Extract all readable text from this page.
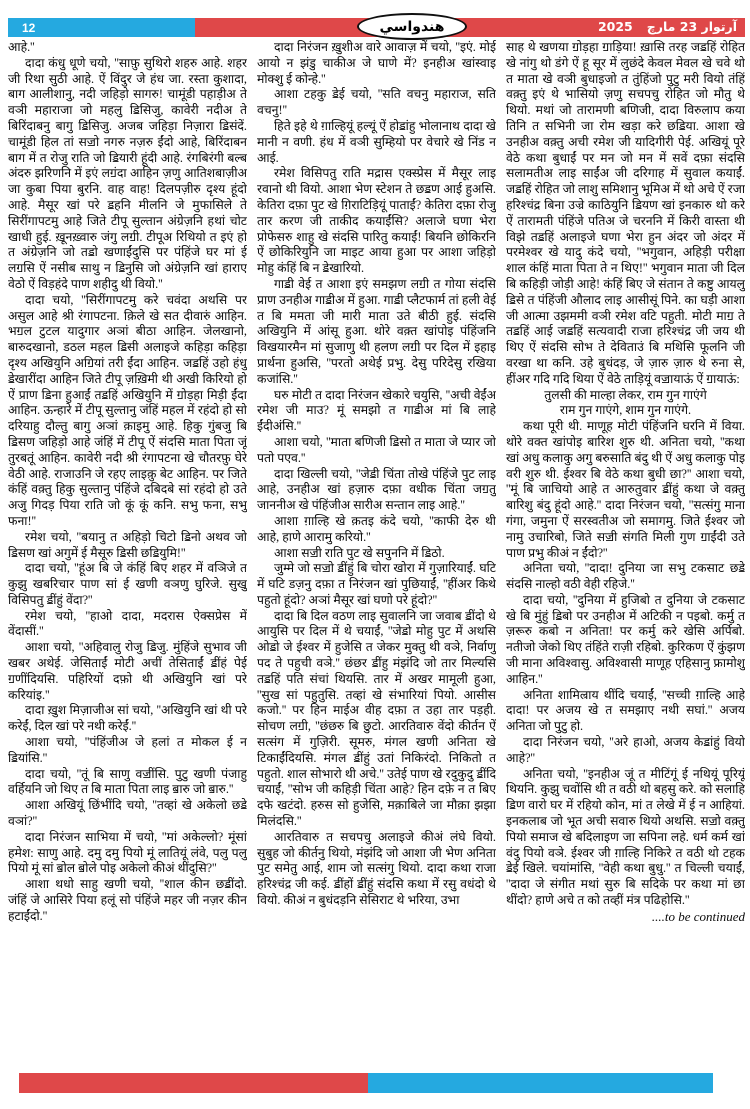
12	2025 آرتوار 23 مارچ
هندواسي

आहे.''

दादा कंधु धूणे चयो, ''साफ़ु सुथिरो शहरु आहे. शहर जी रिथा सुठी आहे. ऐं विंदुर जे हंध जा. रस्ता कुशादा, बाग आलीशानु, नदी जहिड़ो सागरु! चामूंडी पहाड़ीअ ते वञी महाराजा जो महलु ॾिसिजु, कावेरी नदीअ ते बिरिंदाबनु बागु ॾिसिजु. अजब जहिड़ा निज़ारा ॾिसंदें. चामूंडी हिल तां सॼो नगरु नज़रु ईंदो आहे, बिरिंदाबन बाग में त रोजु राति जो ॾियारी हूंदी आहे. रंगबिरंगी बल्ब अंदरु झरिणनि में इएं लॻंदा आहिन ज़णु आतिशबाज़ीअ जा कुबा पिया बुरनि. वाह वाह! दिलपज़ीरु दृश्य हूंदो आहे. मैसूर खां परे ॾहनि मीलनि जे मुफासिले ते सिरींगापटमु आहे जिते टीपू सुल्तान अंग्रेज़नि हथां चोट खाधी हुई. ख़ूनख़्वारु जंगु लॻी. टीपूअ रिथियो त इएं हो त अंग्रेज़नि जो तॾो खणाईंदुसि पर पंहिंजे घर मां ई लॻसि ऐं नसीब साथु न ॾिनुसि जो अंग्रेज़नि खां हाराए वेठो ऐं विड़हंदे पाण शहीदु थी वियो.''

दादा चयो, ''सिरींगापटमु करे चवंदा अथसि पर असुल आहे श्री रंगापटना. क़िले खे सत दीवारुं आहिन. भॻल टुटल यादुगार अञां बीठा आहिन. जेलखानो, बारुदखानो, डठल महल ॾिसी अलाइजे कहिड़ा कहिड़ा दृश्य अखियुनि अॻियां तरी ईंदा आहिन. जॾहिं उहो हंधु ॾेखारींदा आहिन जिते टीपू ज़ख़िमी थी अखी किरियो हो ऐं प्राण ॾिना हुआईं तॾहिं अखियुनि में ॻोड़हा मिड़ी ईंदा आहिन. ऊन्हारे में टीपू सुल्तानु जंहिं महल में रहंदो हो सो दरियाहु दौल्तु बागु अञां क़ाइमु आहे. हिकु गुंबजु बि ॾिसण जहिड़ो आहे जंहिं में टीपू ऐं संदसि माता पिता जूं तुरबतूं आहिन. कावेरी नदी श्री रंगापटना खे चौतरफ़ु घेरे वेठी आहे. राजाउनि जे रहए लाइक़ु बेट आहिन. पर जिते कंहिं वक़्तु हिकु सुल्तानु पंहिंजे दबिदबे सां रहंदो हो उते अजु गिदड़ पिया राति जो कूं कूं कनि. सभु फना, सभु फना!''

रमेश चयो, ''बयानु त अहिड़ो चिटो ॾिनो अथव जो ॾिसण खां अगुमें ई मैसूरु ॾिसी छॾियुमि!''

दादा चयो, ''हूंअ बि जे कंहिं बिए शहर में वञिजे त कुझु खबरिचार पाण सां ई खणी वञणु घुरिजे. सुखु विसिपतु ॾींहुं वेंदा?''

रमेश चयो, ''हाओ दादा, मदरास ऐक्सप्रेस में वेंदासीं.''

आशा चयो, ''अहिवालु रोजु ॾिजु. मुंहिंजे सुभाव जी खबर अथेई. जेसिताईं मोटी अचीं तेसिताईं ॾींहं पेई ॻणींदियसि. पहिरियों दफ़ो थी अखियुनि खां परे करियांइ.''

दादा ख़ुश मिज़ाजीअ सां चयो, ''अखियुनि खां थी परे करेईं, दिल खां परे नथी करेईं.''

आशा चयो, ''पंहिंजीअ जे हलां त मोकल ई न ॾियांसि.''

दादा चयो, ''तूं बि साणु वॼींसि. पुटु खणी पंजाहु वर्हियनि जो थिए त बि माता पिता लाइ ॿारु जो ॿारु.''

आशा अखियूं छिंभींदि चयो, ''तव्हां खे अकेलो छॾे वञां?''

दादा निरंजन साभिया में चयो, ''मां अकेल्लो? मूंसां हमेश: साणु आहे. दमु दमु पियो मूं लातियूं लंवे, पलु पलु पियो मूं सां ॿोल ॿोले पोइ अकेलो कीअं थींदुसि?''

आशा थधो साहु खणी चयो, ''शाल कीन छॾींदो. जंहिं जे आसिरे पिया हलूं सो पंहिंजे महर जी नज़र कीन हटाईंदो.''

दादा निरंजन ख़ुशीअ वारे आवाज़ में चयो, ''इएं. मोई आयो न झंडु चाकीअ जे घाणे में? इनहीअ खांस्वाइ मोक्शु ई कोन्हे.''

आशा टहकु ॾेई चयो, ''सति वचनु महाराज, सति वचनु!''

हिते इहे थे ग़ाल्हियूं हल्यूं ऐं होॾांहु भोलानाथ दादा खे मानी न वणी. हंध में वञी सुम्हियो पर वेचारे खे निंड न आई.

रमेश विसिपतु राति मद्रास एक्स्प्रेस में मैसूर लाइ रवानो थी वियो. आशा भेण स्टेशन ते छॾण आई हुअसि. केतिरा दफ़ा पुट खे ग़िराटिड़ियूं पाताईं? केतिरा दफ़ा रोजु तार करण जी ताकीद कयाईंसि? अलाजे घणा भेरा प्रोफेसरु शाहु खे संदसि पारितु कयाईं! बियनि छोकिरनि ऐं छोकिरियुनि जा माइट आया हुआ पर आशा जहिड़ो मोहु कंहिं बि न ॾेखारियो.

गाॾी वेई त आशा इएं समझण लॻी त गोया संदसि प्राण उनहीअ गाॾीअ में हुआ. गाॾी प्लैटफार्म तां हली वेई त बि ममता जी मारी माता उते बीठी हुई. संदसि अखियुनि में आंसू हुआ. थोरे वक़्त खांपोइ पंहिंजनि विखयारमैन मां सुजाणु थी हलण लॻी पर दिल में इहाइ प्रार्थना हुअसि, ''परतो अथेई प्रभु. देसु परिदेसु रखिया कजांसि.''

घरु मोटी त दादा निरंजन खेकारे चयुसि, ''अची वेईंअ रमेश जी माउ? मूं समझो त गाॾीअ मां बि लाहे ईंदीअंसि.''

आशा चयो, ''माता बणिजी ॾिसो त माता जे प्यार जो पतो पएव.''

दादा खिल्ली चयो, ''जेॾी चिंता तोखे पंहिंजे पुट लाइ आहे, उनहीअ खां हज़ारु दफ़ा वधीक चिंता जॻतु जाननीअ खे पंहिंजीअ सारीअ सन्तान लाइ आहे.''

आशा ग़ाल्हि खे क़तइ कंदे चयो, ''काफी देरु थी आहे, हाणे आरामु करियो.''

आशा सॼी राति पुट खे सपुननि में ॾिठो.

जुम्मे जो सॼो ॾींहुं बि चोरा खोरा में गुज़ारियाईं. घटि में घटि डज़नु दफ़ा त निरंजन खां पुछियाईं, ''हींअर किथे पहुतो हूंदो? अञां मैसूर खां घणो परे हूंदो?''

दादा बि दिल वठण लाइ सुवालनि जा जवाब ॾींदो थे आयुसि पर दिल में थे चयाईं, ''जेॾो मोहु पुट में अथसि ओॾो जे ईश्वर में हुजेसि त जेकर मुक्तु थी वञे, निर्वाणु पद ते पहुची वञे.'' छंछर ॾींहु मंझंदि जो तार मिल्यसि तॾहिं पति संचां थियसि. तार में अखर मामूली हुआ, ''सुख सां पहुतुसि. तव्हां खे संभारियां पियो. आसीस कजो.'' पर हिन माईअ वीह दफ़ा त उहा तार पड़ही. सोचण लॻी, ''छंछरु बि छुटो. आरतिवारु वेंदो कीर्तन ऐं सत्संग में गुज़िरी. सूमरु, मंगल खणी अनिता खे टिकाईंदियसि. मंगल ॾींहुं उतां निकिरंदो. निकितो त पहुतो. शाल सोभारो थी अचे.'' उतेई पाण खे रदुकुदु ॾींदि चयाईं, ''सोभ जी कहिड़ी चिंता आहे? हिन दफ़े न त बिए दफे खटंदो. हरुस सो हुजेसि, मक़ाबिले जा मौक़ा झझा मिलंदसि.''

आरतिवारु त सचपचु अलाइजे कीअं लंघे वियो. सुबुह जो कीर्तनु थियो, मंझंदि जो आशा जी भेण अनिता पुट समेतु आई, शाम जो सत्संगु थियो. दादा कथा राजा हरिश्चंद्र जी कई. ॾींहों ॾींहुं संदसि कथा में रसु वधंदो थे वियो. कीअं न बुधंदड़नि सेसिराट थे भरिया, उभा

साह थे खणया ॻोड़हा ॻाड़िया! ख़ासि तरह जॾहिं रोहित खे नांगु थो डंगे ऐं हू सूर में लुछंदे केवल मेवल खे चवे थो त माता खे वञी बुधाइजो त तुंहिंजो पुटु मरी वियो तंहिं वक़्तु इएं थे भासियो ज़णु सचपचु रोहित जो मौतु थे थियो. मथां जो तारामणी बणिजी, दादा विरुलाप कया तिनि त सभिनी जा रोम खड़ा करे छॾिया. आशा खे उनहीअ वक़्तु अची रमेश जी यादिगीरी पेई. अखियूं पूरे वेठे कथा बुधाईं पर मन जो मन में सवें दफ़ा संदसि सलामतीअ लाइ साईंअ जी दरिगाह में सुवाल कयाईं. जॾहिं रोहित जो लाशु समिशानु भूमिअ में थो अचे ऐं रजा हरिश्चंद्र बिना उज्रे काठियुनि ॾियण खां इनकारु थो करे ऐं तारामती पंहिंजे पतिअ जे चरननि में किरी वास्ता थी विझे तॾहिं अलाइजे घणा भेरा हुन अंदर जो अंदर में परमेश्वर खे यादु कंदे चयो, ''भगुवान, अहिड़ी परीक्षा शाल कंहिं माता पिता ते न थिए!'' भगुवान माता जी दिल बि कहिड़ी जोड़ी आहे! कंहिं बिए जे संतान ते कष्टु आयलु ॾिसे त पंहिंजी औलाद लाइ आसीसूं पिने. का घड़ी आशा जी आत्मा उझममी वञी रमेश वटि पहुती. मोटी माॻ ते तॾहिं आई जॾहिं सत्यवादी राजा हरिश्चंद्र जी जय थी थिए ऐं संदसि सोभ ते देविताउं बि मथिसि फूलनि जी वरखा था कनि. उहे बुधंदड़, जे ज़ारु ज़ारु थे रुना से, हींअर गदि गदि थिया ऐं वेठे ताड़ियूं वॼायाऊं ऐं ॻायाऊं:

तुलसी की माल्हा लेकर, राम गुन गाएंगे

राम गुन गाएंगे, शाम गुन गाएंगे.

कथा पूरी थी. माणूह मोटी पंहिंजनि घरनि में विया. थोरे वक्त खांपोइ बारिश शुरु थी. अनिता चयो, ''कथा खां अधु कलाकु अगु बरुसाति बंदु थी ऐं अधु कलाकु पोइ वरी शुरु थी. ईश्वर बि वेठे कथा बुधी छा?'' आशा चयो, ''मूं बि जाचियो आहे त आरुतुवार ॾींहुं कथा जे वक़्तु बारिशु बंदु हूंदो आहे.'' दादा निरंजन चयो, ''सत्संगु माना गंगा, जमुना ऐं सरस्वतीअ जो समागमु. जिते ईश्वर जो नामु उचारिबो, जिते सॼी संगति मिली गुण ॻाईंदी उते पाण प्रभु कीअं न ईंदो?''

अनिता चयो, ''दादा! दुनिया जा सभु टकसाट छॾे संदसि नाल्हो वठी वेही रहिजे.''

दादा चयो, ''दुनिया में हुजिबो त दुनिया जे टकसाट खे बि मुंहुं ॾिबो पर उनहीअ में अटिकी न पइबो. कर्मु त ज़रूरु कबो न अनिता! पर कर्मु करे खेसि अर्पिबो. नतीजो जेको थिए तंहिंते राज़ी रहिबो. कुरिकण ऐं कुंझण जी माना अविश्वासु. अविश्वासी माणूह एहिसानु फ्रामोशु आहिन.''

अनिता शामिल्राय थींदि चयाईं, ''सच्ची ग़ाल्हि आहे दादा! पर अजय खे त समझाए नथी सघां.'' अजय अनिता जो पुटु हो.

दादा निरंजन चयो, ''अरे हाओ, अजय केॾांहुं वियो आहे?''

अनिता चयो, ''इनहीअ जूं त मीटिंगूं ई नथियूं पूरियूं थियनि. कुझु चवोंसि थी त वठी थो बहसु करे. को सलाहि ॾिण वारो घर में रहियो कोन, मां त लेखे में ई न आहियां. इनकलाब जो भूत अची सवारु थियो अथसि. सॼो वक़्तु पियो समाज खे बदिलाइण जा सपिना लहे. धर्म कर्म खां वंदु पियो वञे. ईश्वर जी ग़ाल्हि निकिरे त वठी थो टहक ॾेई खिले. चयांमांसि, ''वेही कथा बुधु.'' त चिल्ली चयाईं, ''दादा जे संगीत मथां सुरु बि सदिके पर कथा मां छा थींदो? हाणे अचे त को तव्हीं मंत्र पढिहोसि.''

....to be continued
